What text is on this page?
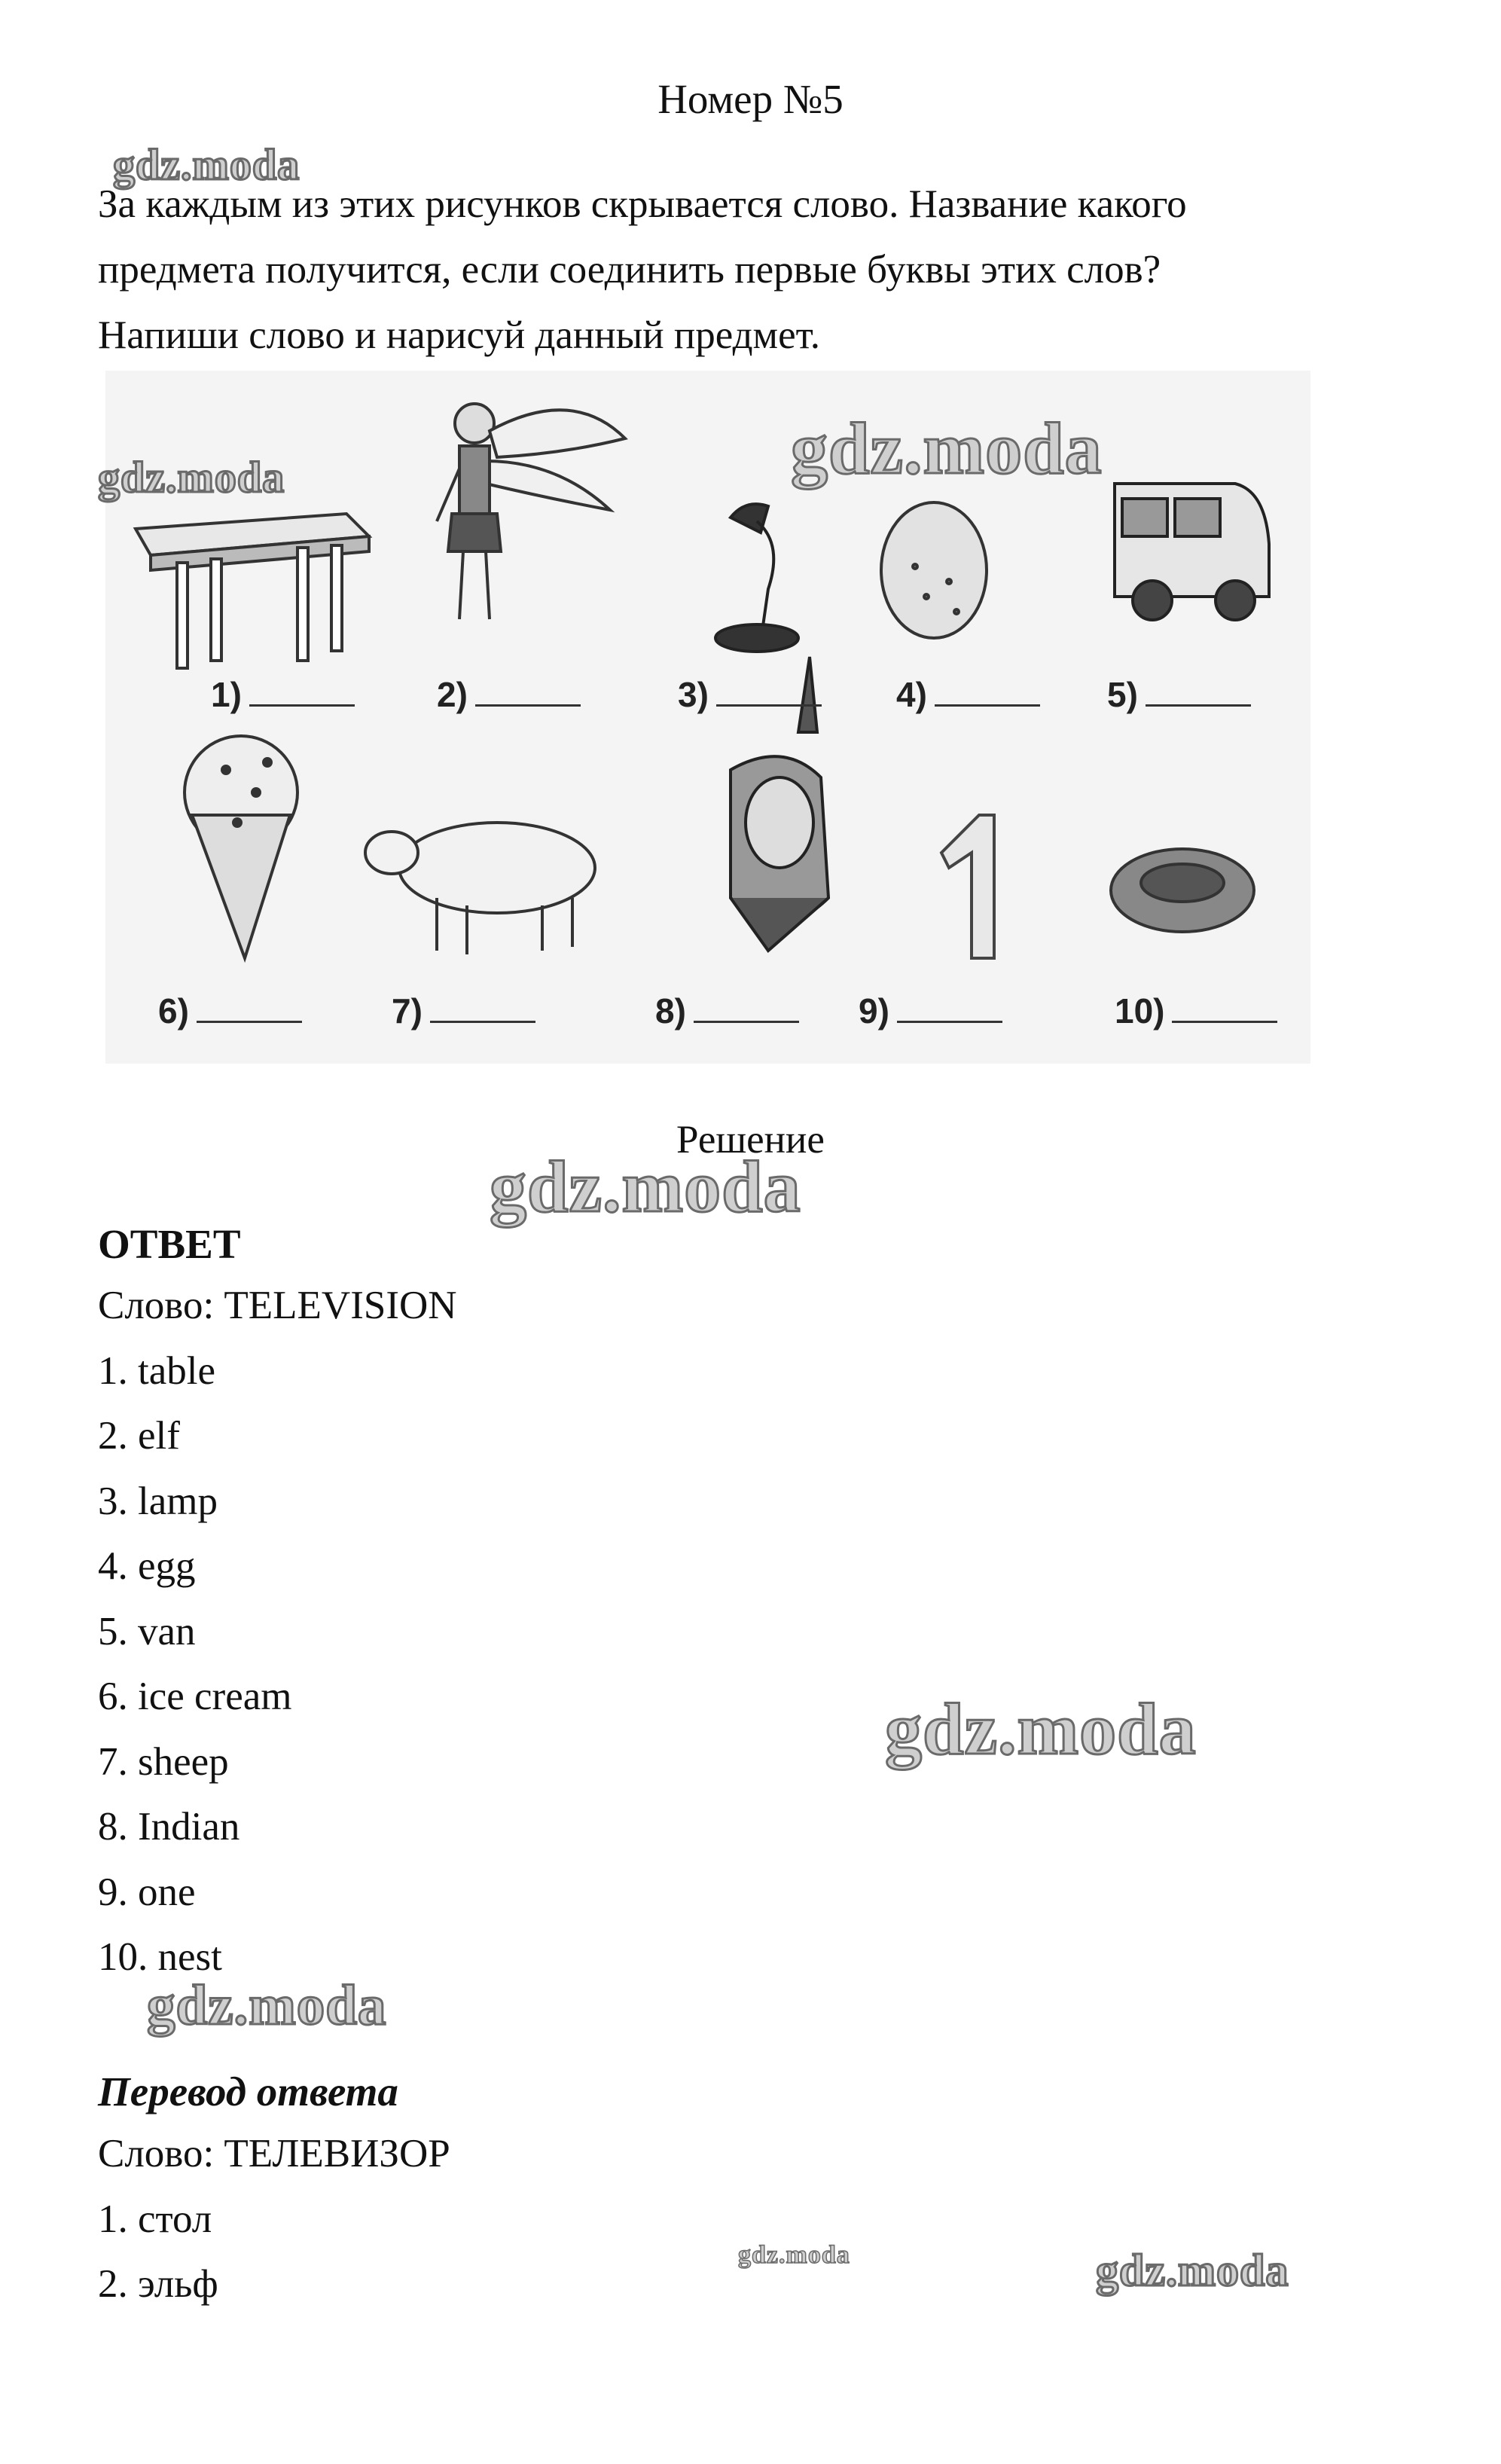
Номер №5
За каждым из этих рисунков скрывается слово. Название какого
предмета получится, если соединить первые буквы этих слов?
Напиши слово и нарисуй данный предмет.
1)	2)	3)	4)	5)
6)	7)	8)	9)	10)
Решение
ОТВЕТ
Слово: TELEVISION
1. table
2. elf
3. lamp
4. egg
5. van
6. ice cream
7. sheep
8. Indian
9. one
10. nest
Перевод ответа
Слово: ТЕЛЕВИЗОР
1. стол
2. эльф
gdz.moda
gdz.moda	gdz.moda
gdz.moda
gdz.moda
gdz.moda
gdz.moda	gdz.moda
